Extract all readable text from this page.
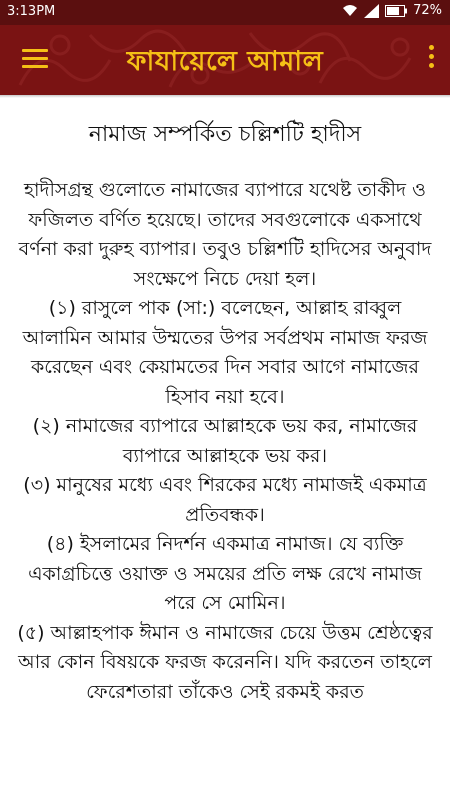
3:13PM	72%
ফাযায়েলে আমাল
নামাজ সম্পর্কিত চল্লিশটি হাদীস

হাদীসগ্রন্থ গুলোতে নামাজের ব্যাপারে যথেষ্ট তাকীদ ও ফজিলত বর্ণিত হয়েছে। তাদের সবগুলোকে একসাথে বর্ণনা করা দুরুহ ব্যাপার। তবুও চল্লিশটি হাদিসের অনুবাদ সংক্ষেপে নিচে দেয়া হল।

(১) রাসুলে পাক (সা:) বলেছেন, আল্লাহ রাব্বুল আলামিন আমার উম্মতের উপর সর্বপ্রথম নামাজ ফরজ করেছেন এবং কেয়ামতের দিন সবার আগে নামাজের হিসাব নয়া হবে।

(২) নামাজের ব্যাপারে আল্লাহকে ভয় কর, নামাজের ব্যাপারে আল্লাহকে ভয় কর।

(৩) মানুষের মধ্যে এবং শিরকের মধ্যে নামাজই একমাত্র প্রতিবন্ধক।

(৪) ইসলামের নিদর্শন একমাত্র নামাজ। যে ব্যক্তি একাগ্রচিত্তে ওয়াক্ত ও সময়ের প্রতি লক্ষ রেখে নামাজ পরে সে মোমিন।

(৫) আল্লাহপাক ঈমান ও নামাজের চেয়ে উত্তম শ্রেষ্ঠত্বের আর কোন বিষয়কে ফরজ করেননি। যদি করতেন তাহলে ফেরেশতারা তাঁকেও সেই রকমই করত
